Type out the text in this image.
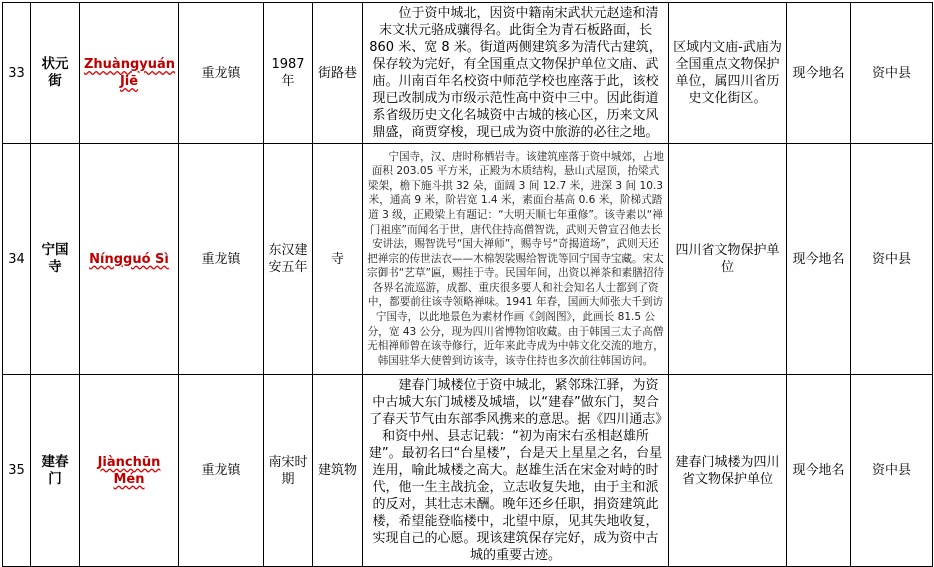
33	状元街	Zhuàngyuán Jiē	重龙镇	1987年	街路巷	位于资中城北，因资中籍南宋武状元赵逵和清末文状元骆成骧得名。此街全为青石板路面，长 860 米、宽 8 米。街道两侧建筑多为清代古建筑，保存较为完好，有全国重点文物保护单位文庙、武庙。川南百年名校资中师范学校也座落于此，该校现已改制成为市级示范性高中资中三中。因此街道系省级历史文化名城资中古城的核心区，历来文风鼎盛，商贾穿梭，现已成为资中旅游的必往之地。	区域内文庙-武庙为全国重点文物保护单位，属四川省历史文化街区。	现今地名	资中县
34	宁国寺	Níngguó Sì	重龙镇	东汉建安五年	寺	宁国寺，汉、唐时称栖岩寺。该建筑座落于资中城郊，占地面积 203.05 平方米，正殿为木质结构，悬山式屋顶，抬梁式梁架，檐下施斗拱 32 朵，面阔 3 间 12.7 米，进深 3 间 10.3 米，通高 9 米，阶岩宽 1.4 米，素面台基高 0.6 米，阶梯式踏道 3 级，正殿梁上有题记：“大明天顺七年重修”。该寺素以“禅门祖座”而闻名于世，唐代住持高僧智诜，武则天曾宣召他去长安讲法，赐智诜号“国大禅师”，赐寺号“奇揭道场”，武则天还把禅宗的传世法衣——木棉袈裟赐给智诜等回宁国寺宝藏。宋太宗御书“艺草”匾，赐挂于寺。民国年间，出资以禅茶和素膳招待各界名流巡游，成都、重庆很多要人和社会知名人士都到了资中，都要前往该寺领略禅味。1941 年春，国画大师张大千到访宁国寺，以此地景色为素材作画《剑阁图》，此画长 81.5 公分，宽 43 公分，现为四川省博物馆收藏。由于韩国三太子高僧无相禅师曾在该寺修行，近年来此寺成为中韩文化交流的地方，韩国驻华大使曾到访该寺，该寺住持也多次前往韩国访问。	四川省文物保护单位	现今地名	资中县
35	建春门	Jiànchūn Mén	重龙镇	南宋时期	建筑物	建春门城楼位于资中城北，紧邻珠江驿，为资中古城大东门城楼及城墙，以“建春”做东门，契合了春天节气由东部季风携来的意思。据《四川通志》和资中州、县志记载：“初为南宋右丞相赵雄所建”。最初名曰“台星楼”，台是天上星星之名，台星连用，喻此城楼之高大。赵雄生活在宋金对峙的时代，他一生主战抗金，立志收复失地，由于主和派的反对，其壮志未酬。晚年还乡任职，捐资建筑此楼，希望能登临楼中，北望中原，见其失地收复，实现自己的心愿。现该建筑保存完好，成为资中古城的重要古迹。	建春门城楼为四川省文物保护单位	现今地名	资中县
